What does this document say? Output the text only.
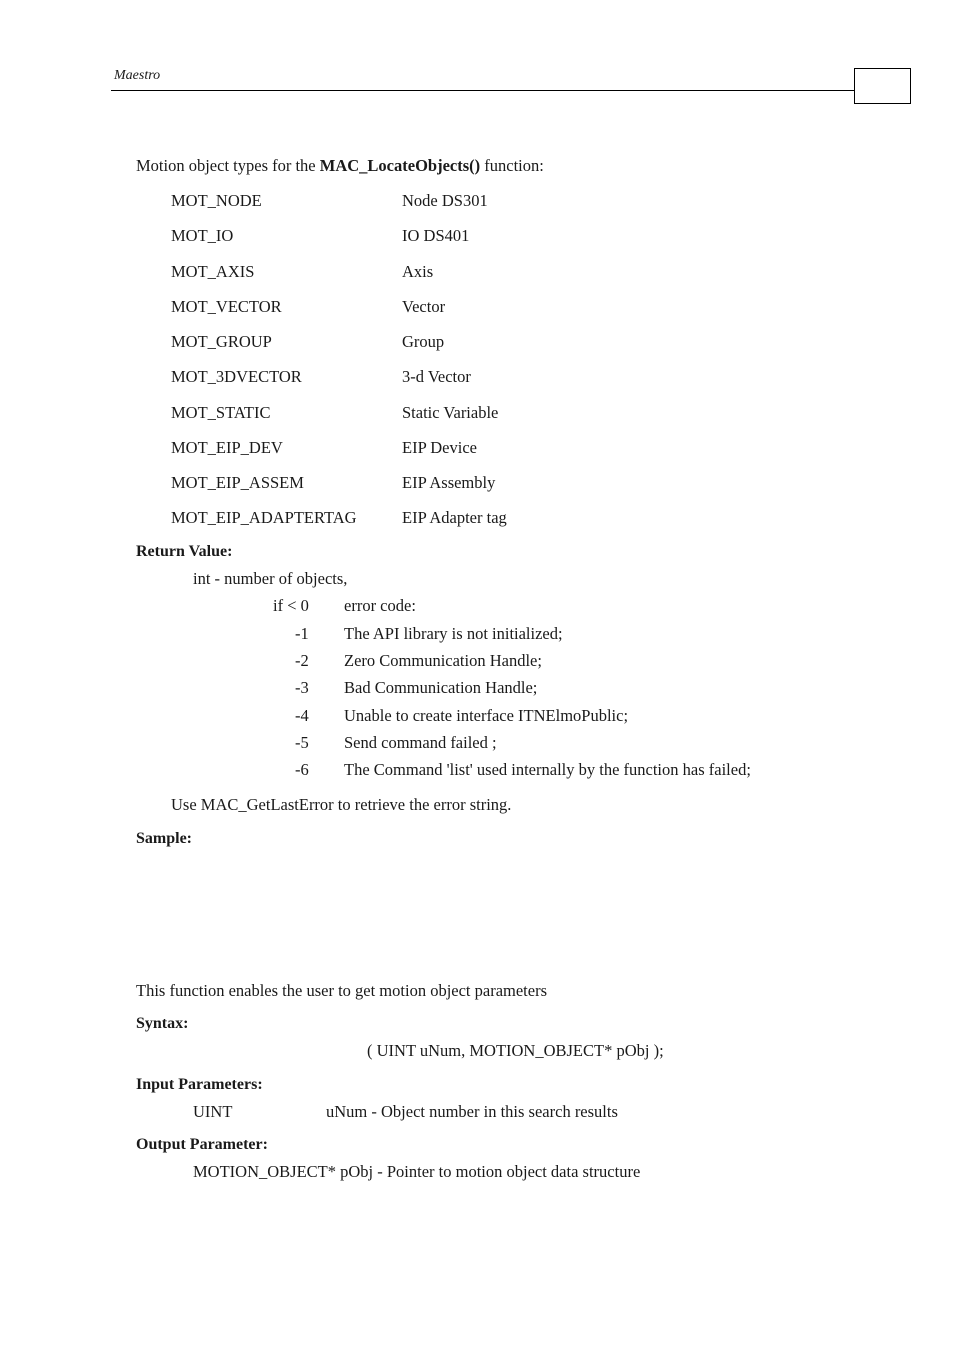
Maestro
Motion object types for the MAC_LocateObjects() function:
MOT_NODE	Node DS301
MOT_IO	IO DS401
MOT_AXIS	Axis
MOT_VECTOR	Vector
MOT_GROUP	Group
MOT_3DVECTOR	3-d Vector
MOT_STATIC	Static Variable
MOT_EIP_DEV	EIP Device
MOT_EIP_ASSEM	EIP Assembly
MOT_EIP_ADAPTERTAG	EIP Adapter tag
Return Value:
int - number of objects,
if < 0 error code:
-1 The API library is not initialized;
-2 Zero Communication Handle;
-3 Bad Communication Handle;
-4 Unable to create interface ITNElmoPublic;
-5 Send command failed ;
-6 The Command 'list' used internally by the function has failed;
Use MAC_GetLastError to retrieve the error string.
Sample:
This function enables the user to get motion object parameters
Syntax:
( UINT uNum, MOTION_OBJECT* pObj );
Input Parameters:
UINT	uNum - Object number in this search results
Output Parameter:
MOTION_OBJECT* pObj - Pointer to motion object data structure
